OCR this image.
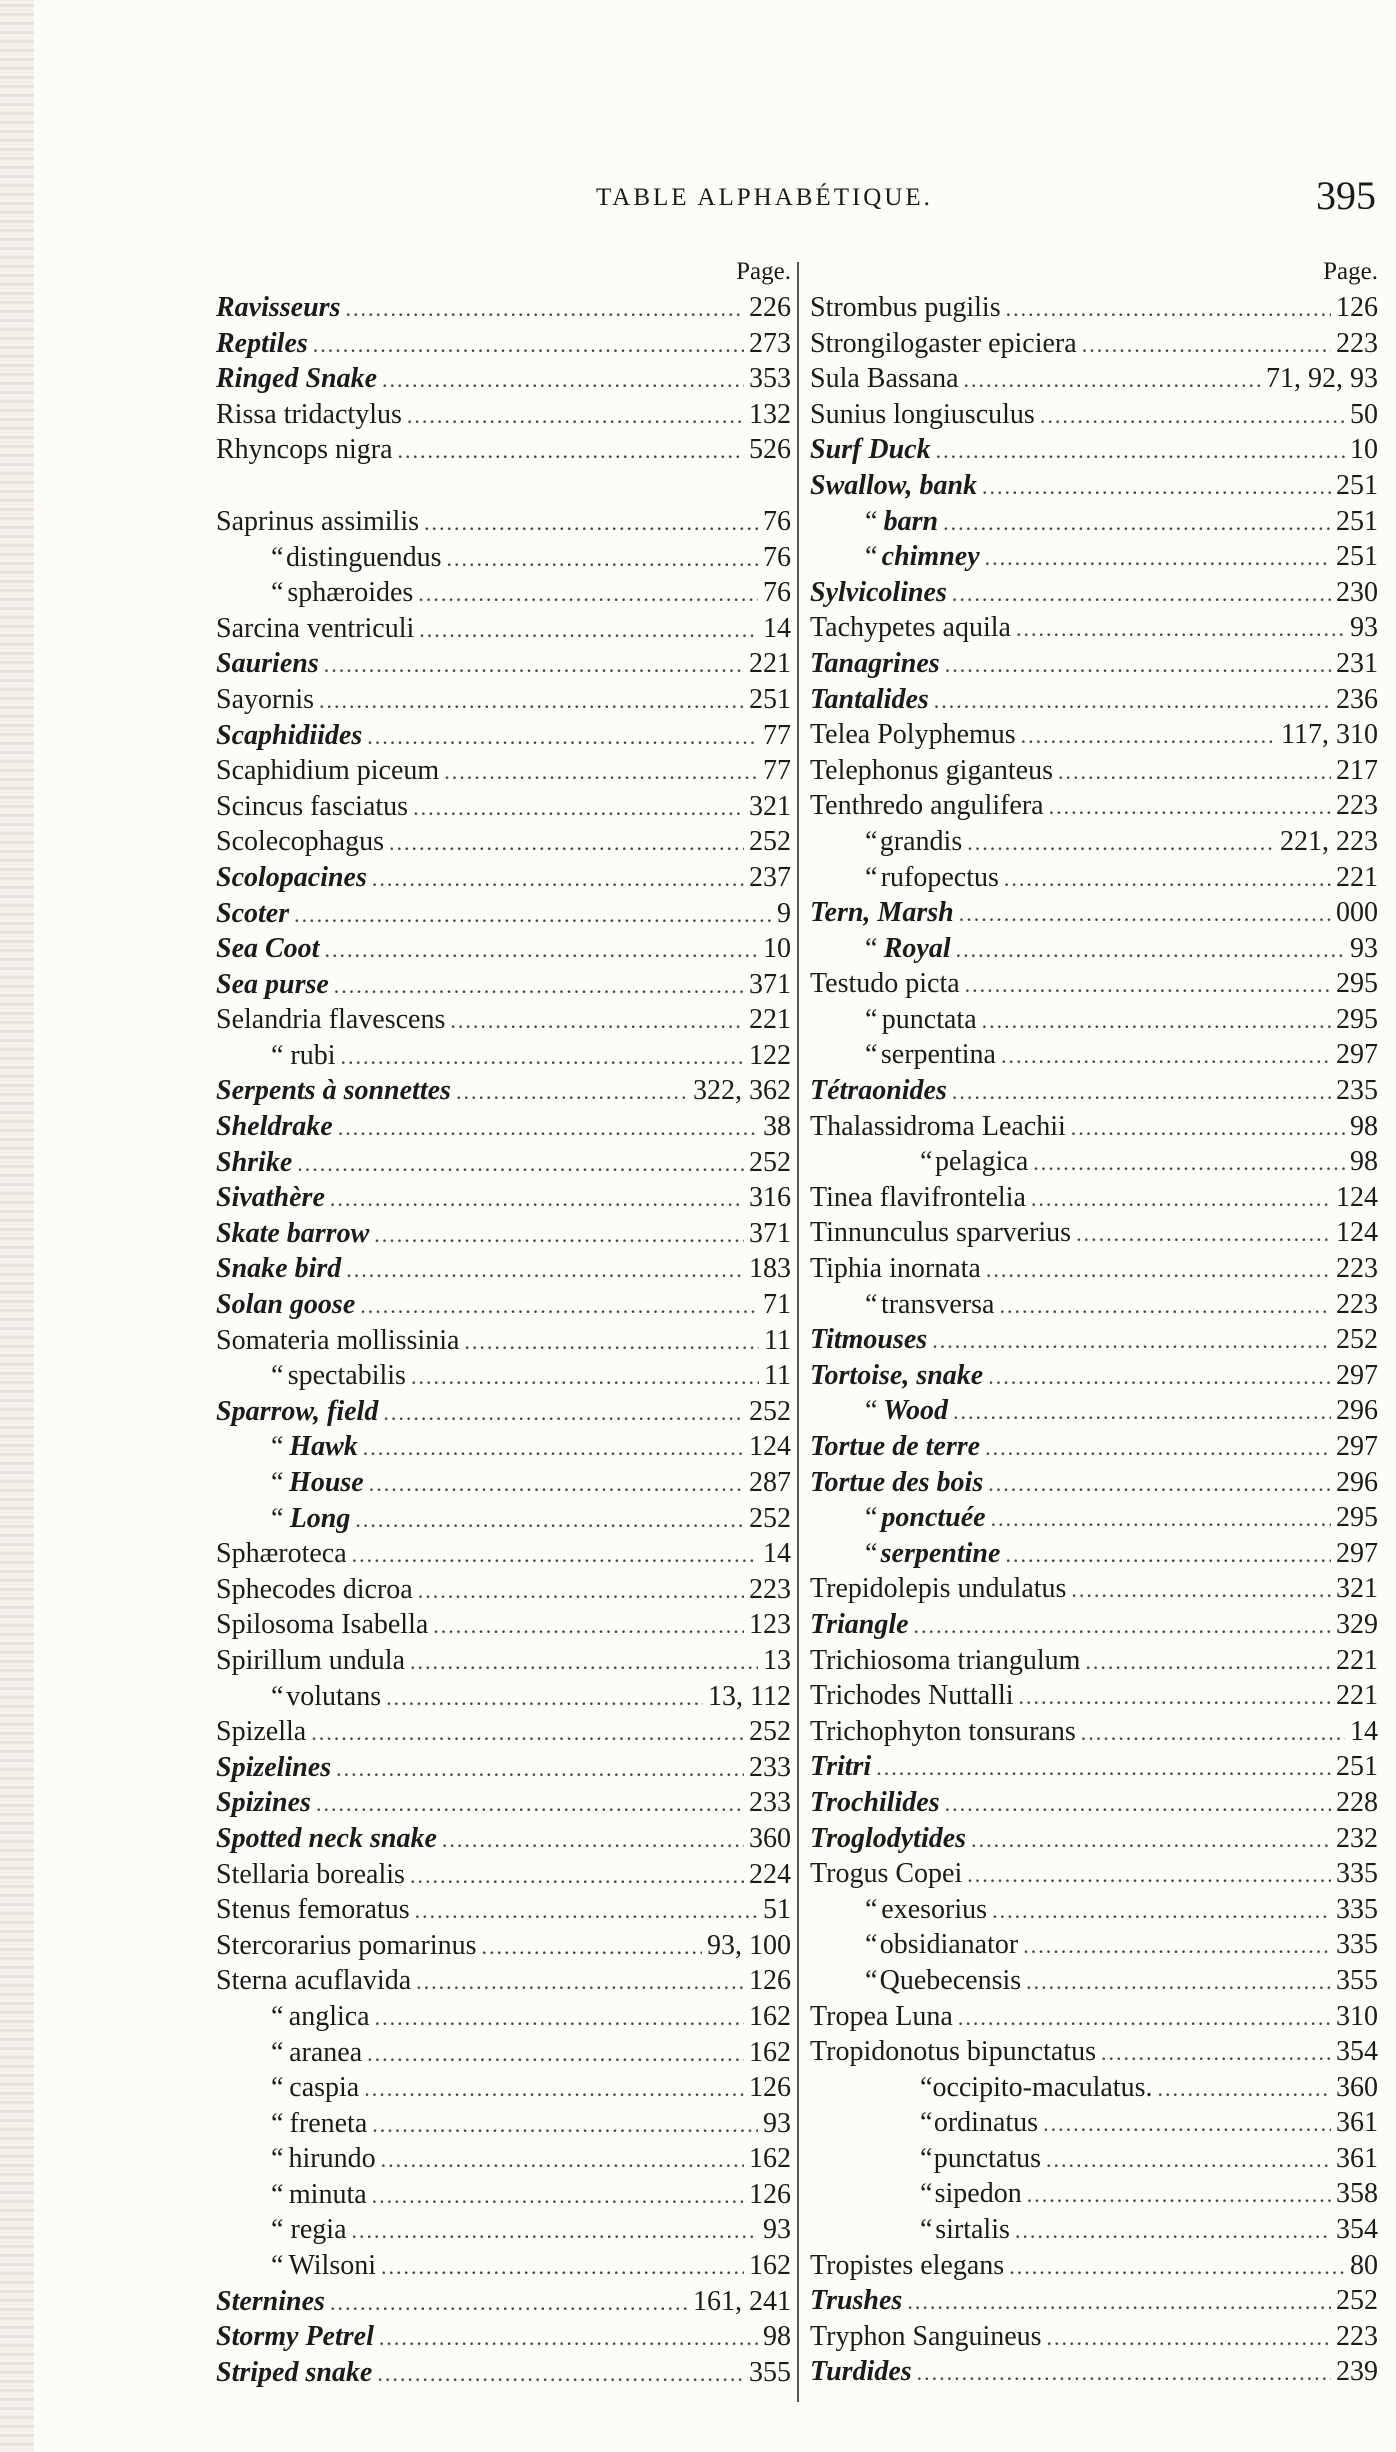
TABLE ALPHABÉTIQUE.	395
Page.
Ravisseurs .....	226
Reptiles .....	273
Ringed Snake .....	353
Rissa tridactylus .....	132
Rhyncops nigra .....	526
Saprinus assimilis .....	76
“ distinguendus .....	76
“ sphæroides .....	76
Sarcina ventriculi .....	14
Sauriens .....	221
Sayornis .....	251
Scaphidiides .....	77
Scaphidium piceum .....	77
Scincus fasciatus .....	321
Scolecophagus .....	252
Scolopacines .....	237
Scoter .....	9
Sea Coot .....	10
Sea purse .....	371
Selandria flavescens .....	221
“ rubi .....	122
Serpents à sonnettes .....	322, 362
Sheldrake .....	38
Shrike .....	252
Sivathère .....	316
Skate barrow .....	371
Snake bird .....	183
Solan goose .....	71
Somateria mollissinia .....	11
“ spectabilis .....	11
Sparrow, field .....	252
“ Hawk .....	124
“ House .....	287
“ Long .....	252
Sphæroteca .....	14
Sphecodes dicroa .....	223
Spilosoma Isabella .....	123
Spirillum undula .....	13
“ volutans .....	13, 112
Spizella .....	252
Spizelines .....	233
Spizines .....	233
Spotted neck snake .....	360
Stellaria borealis .....	224
Stenus femoratus .....	51
Stercorarius pomarinus .....	93, 100
Sterna acuflavida .....	126
“ anglica .....	162
“ aranea .....	162
“ caspia .....	126
“ freneta .....	93
“ hirundo .....	162
“ minuta .....	126
“ regia .....	93
“ Wilsoni .....	162
Sternines .....	161, 241
Stormy Petrel .....	98
Striped snake .....	355
Page.
Strombus pugilis .....	126
Strongilogaster epiciera .....	223
Sula Bassana .....	71, 92, 93
Sunius longiusculus .....	50
Surf Duck .....	10
Swallow, bank .....	251
“ barn .....	251
“ chimney .....	251
Sylvicolines .....	230
Tachypetes aquila .....	93
Tanagrines .....	231
Tantalides .....	236
Telea Polyphemus .....	117, 310
Telephonus giganteus .....	217
Tenthredo angulifera .....	223
“ grandis .....	221, 223
“ rufopectus .....	221
Tern, Marsh .....	000
“ Royal .....	93
Testudo picta .....	295
“ punctata .....	295
“ serpentina .....	297
Tétraonides .....	235
Thalassidroma Leachii .....	98
“ pelagica .....	98
Tinea flavifrontelia .....	124
Tinnunculus sparverius .....	124
Tiphia inornata .....	223
“ transversa .....	223
Titmouses .....	252
Tortoise, snake .....	297
“ Wood .....	296
Tortue de terre .....	297
Tortue des bois .....	296
“ ponctuée .....	295
“ serpentine .....	297
Trepidolepis undulatus .....	321
Triangle .....	329
Trichiosoma triangulum .....	221
Trichodes Nuttalli .....	221
Trichophyton tonsurans .....	14
Tritri .....	251
Trochilides .....	228
Troglodytides .....	232
Trogus Copei .....	335
“ exesorius .....	335
“ obsidianator .....	335
“ Quebecensis .....	355
Tropea Luna .....	310
Tropidonotus bipunctatus .....	354
“ occipito-maculatus. .....	360
“ ordinatus .....	361
“ punctatus .....	361
“ sipedon .....	358
“ sirtalis .....	354
Tropistes elegans .....	80
Trushes .....	252
Tryphon Sanguineus .....	223
Turdides .....	239
